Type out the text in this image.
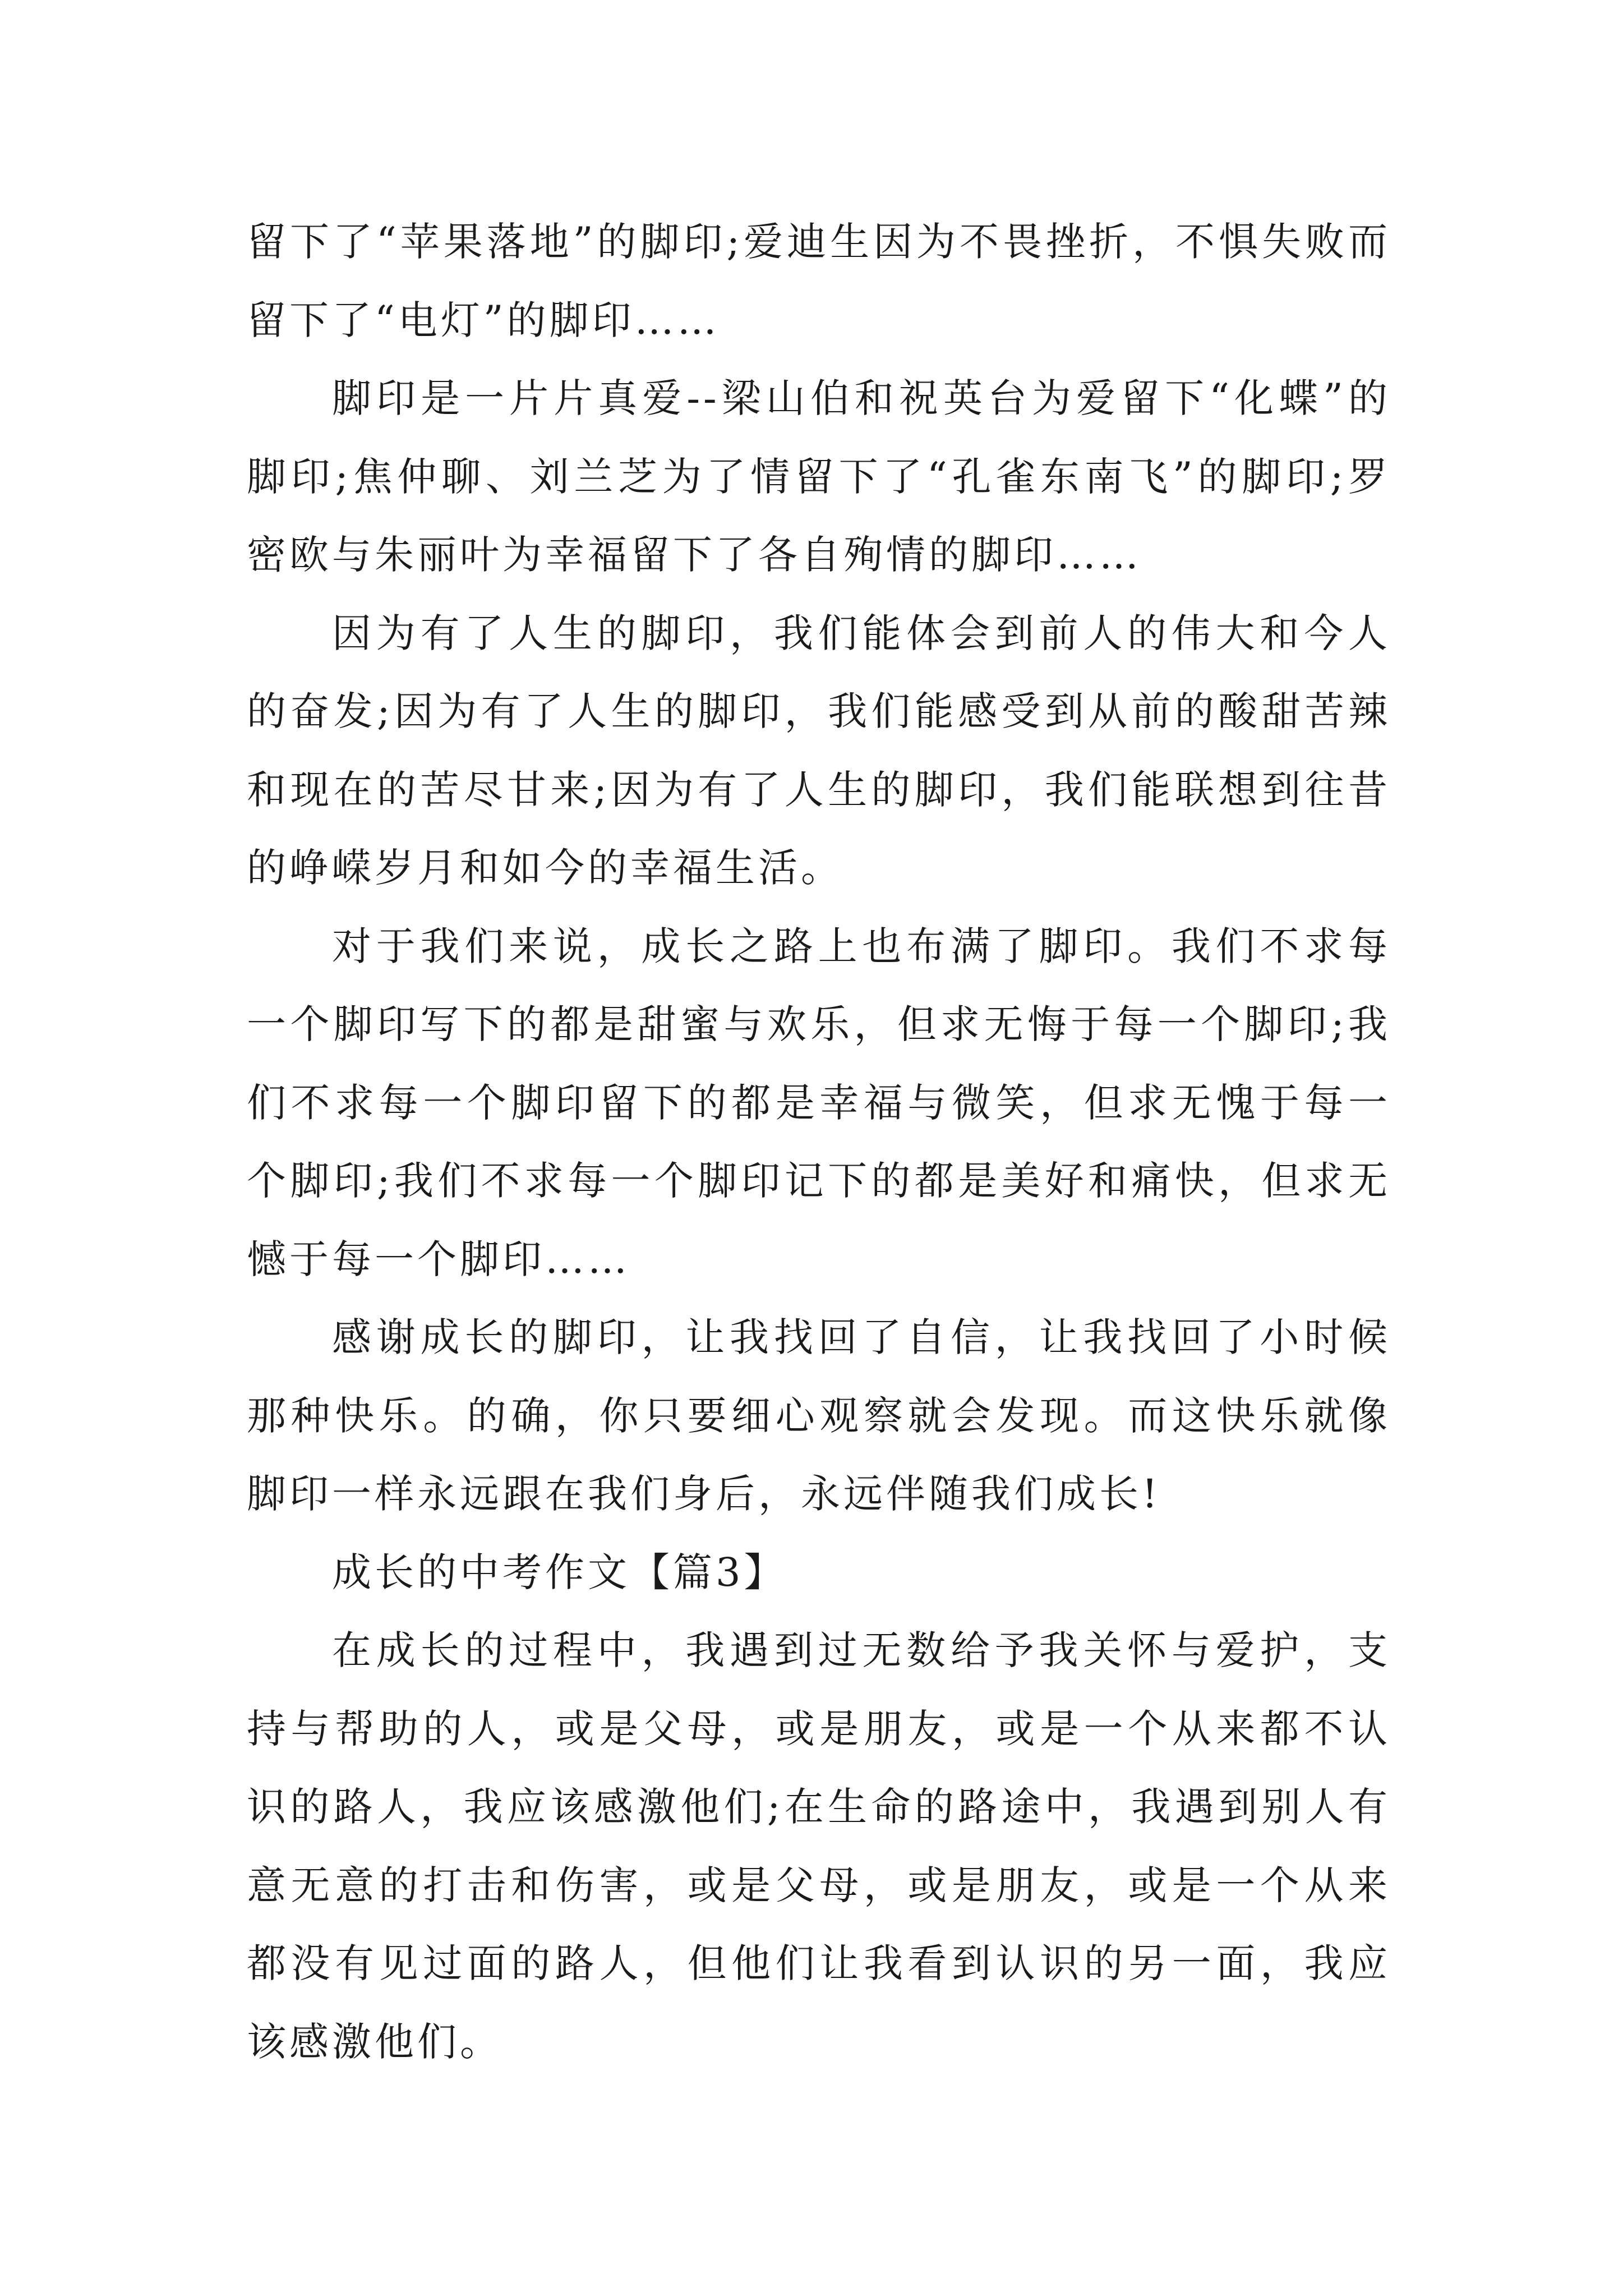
留下了“苹果落地”的脚印;爱迪生因为不畏挫折，不惧失败而留下了“电灯”的脚印……

脚印是一片片真爱--梁山伯和祝英台为爱留下“化蝶”的脚印;焦仲聊、刘兰芝为了情留下了“孔雀东南飞”的脚印;罗密欧与朱丽叶为幸福留下了各自殉情的脚印……

因为有了人生的脚印，我们能体会到前人的伟大和今人的奋发;因为有了人生的脚印，我们能感受到从前的酸甜苦辣和现在的苦尽甘来;因为有了人生的脚印，我们能联想到往昔的峥嵘岁月和如今的幸福生活。

对于我们来说，成长之路上也布满了脚印。我们不求每一个脚印写下的都是甜蜜与欢乐，但求无悔于每一个脚印;我们不求每一个脚印留下的都是幸福与微笑，但求无愧于每一个脚印;我们不求每一个脚印记下的都是美好和痛快，但求无憾于每一个脚印……

感谢成长的脚印，让我找回了自信，让我找回了小时候那种快乐。的确，你只要细心观察就会发现。而这快乐就像脚印一样永远跟在我们身后，永远伴随我们成长!

成长的中考作文【篇3】

在成长的过程中，我遇到过无数给予我关怀与爱护，支持与帮助的人，或是父母，或是朋友，或是一个从来都不认识的路人，我应该感激他们;在生命的路途中，我遇到别人有意无意的打击和伤害，或是父母，或是朋友，或是一个从来都没有见过面的路人，但他们让我看到认识的另一面，我应该感激他们。
